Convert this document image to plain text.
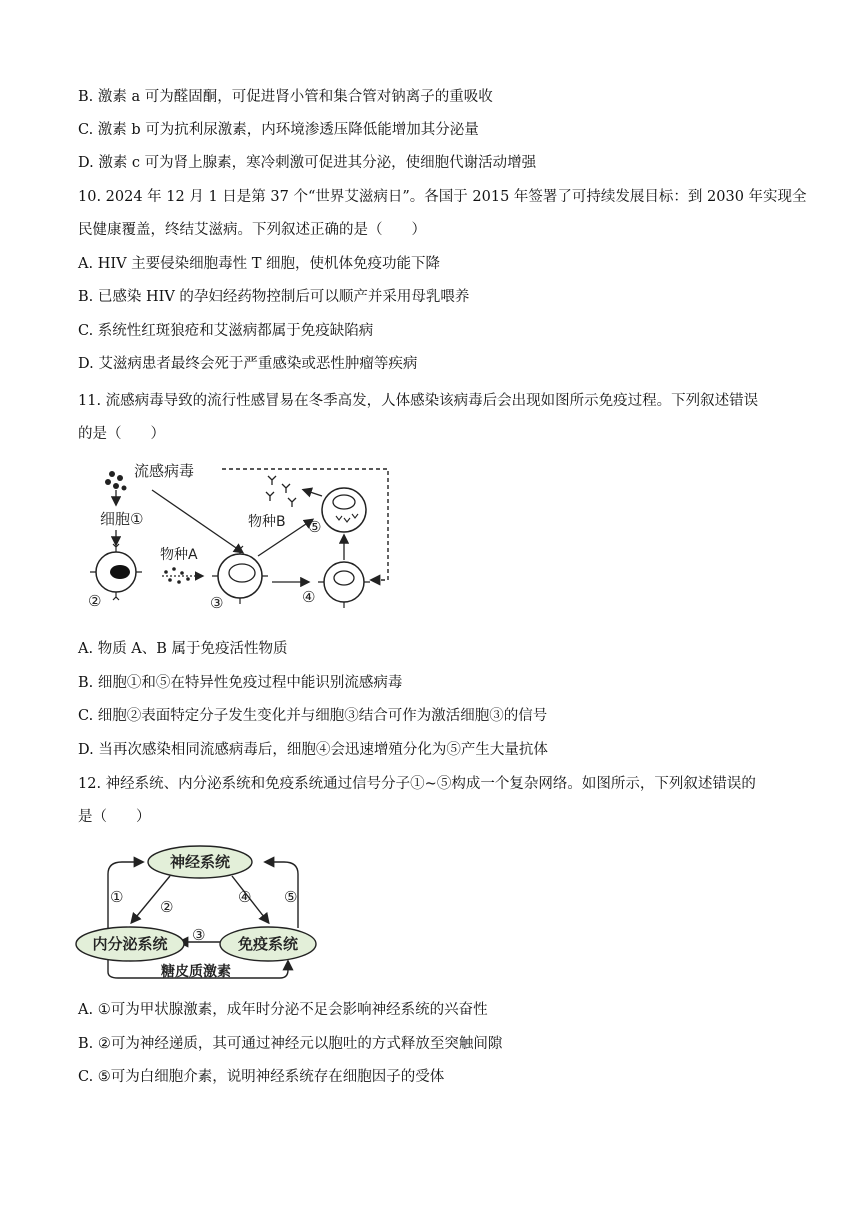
B. 激素 a 可为醛固酮，可促进肾小管和集合管对钠离子的重吸收
C. 激素 b 可为抗利尿激素，内环境渗透压降低能增加其分泌量
D. 激素 c 可为肾上腺素，寒冷刺激可促进其分泌，使细胞代谢活动增强
10. 2024 年 12 月 1 日是第 37 个“世界艾滋病日”。各国于 2015 年签署了可持续发展目标：到 2030 年实现全
民健康覆盖，终结艾滋病。下列叙述正确的是（　　）
A. HIV 主要侵染细胞毒性 T 细胞，使机体免疫功能下降
B. 已感染 HIV 的孕妇经药物控制后可以顺产并采用母乳喂养
C. 系统性红斑狼疮和艾滋病都属于免疫缺陷病
D. 艾滋病患者最终会死于严重感染或恶性肿瘤等疾病
11. 流感病毒导致的流行性感冒易在冬季高发，人体感染该病毒后会出现如图所示免疫过程。下列叙述错误
的是（　　）
流感病毒
细胞①
②
物种A
③
物种B
④
⑤
A. 物质 A、B 属于免疫活性物质
B. 细胞①和⑤在特异性免疫过程中能识别流感病毒
C. 细胞②表面特定分子发生变化并与细胞③结合可作为激活细胞③的信号
D. 当再次感染相同流感病毒后，细胞④会迅速增殖分化为⑤产生大量抗体
12. 神经系统、内分泌系统和免疫系统通过信号分子①~⑤构成一个复杂网络。如图所示，下列叙述错误的
是（　　）
神经系统
内分泌系统	免疫系统
①
②
③
④ ⑤
糖皮质激素
A. ①可为甲状腺激素，成年时分泌不足会影响神经系统的兴奋性
B. ②可为神经递质，其可通过神经元以胞吐的方式释放至突触间隙
C. ⑤可为白细胞介素，说明神经系统存在细胞因子的受体
